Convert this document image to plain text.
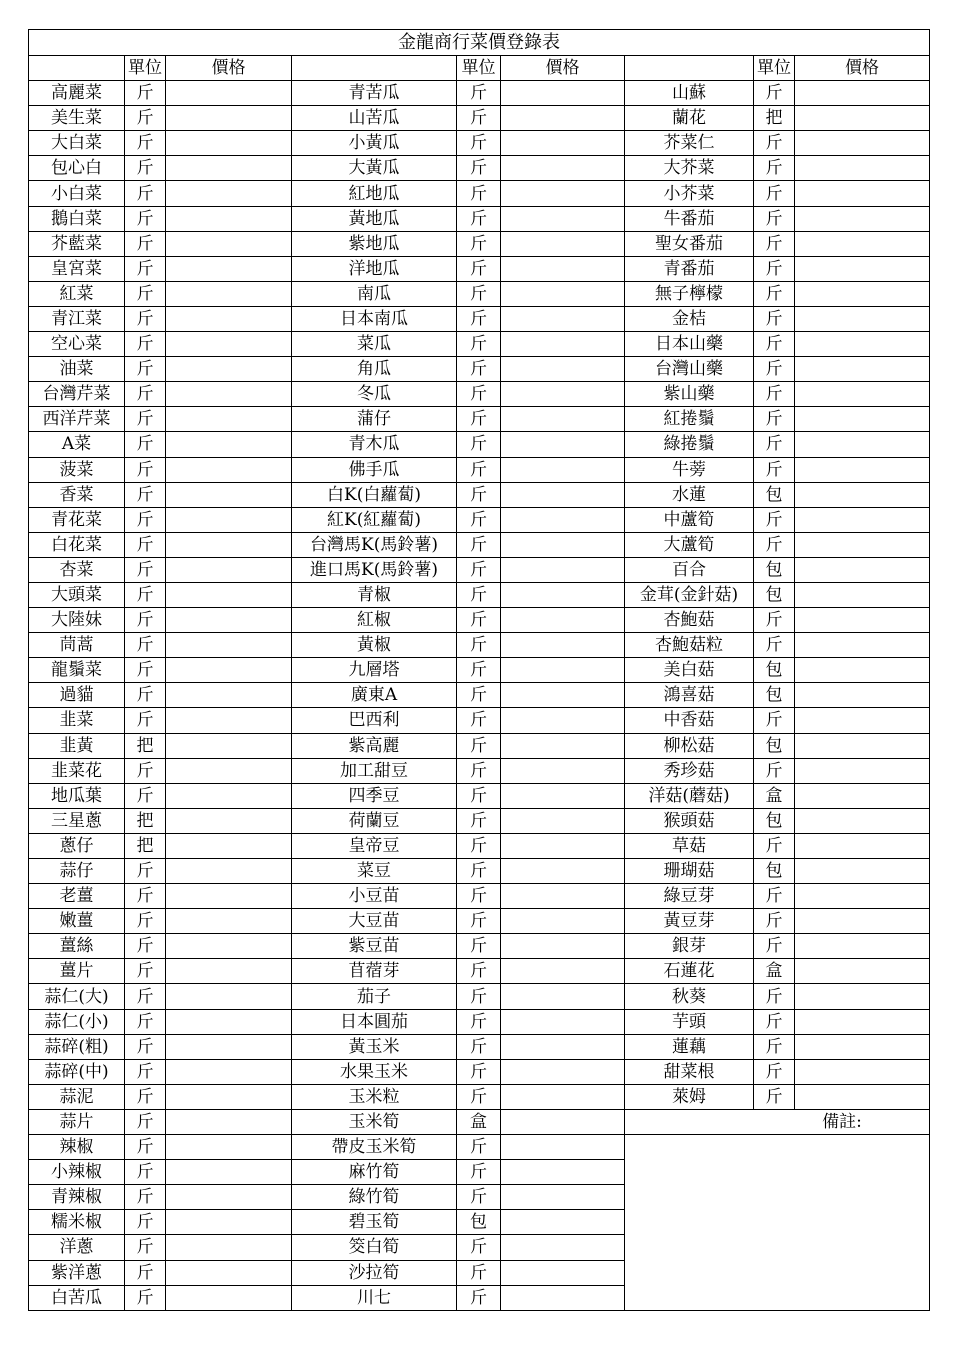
金龍商行菜價登錄表								
	單位	價格		單位	價格		單位	價格
高麗菜	斤		青苦瓜	斤		山蘇	斤	
美生菜	斤		山苦瓜	斤		蘭花	把	
大白菜	斤		小黃瓜	斤		芥菜仁	斤	
包心白	斤		大黃瓜	斤		大芥菜	斤	
小白菜	斤		紅地瓜	斤		小芥菜	斤	
鵝白菜	斤		黃地瓜	斤		牛番茄	斤	
芥藍菜	斤		紫地瓜	斤		聖女番茄	斤	
皇宮菜	斤		洋地瓜	斤		青番茄	斤	
紅菜	斤		南瓜	斤		無子檸檬	斤	
青江菜	斤		日本南瓜	斤		金桔	斤	
空心菜	斤		菜瓜	斤		日本山藥	斤	
油菜	斤		角瓜	斤		台灣山藥	斤	
台灣芹菜	斤		冬瓜	斤		紫山藥	斤	
西洋芹菜	斤		蒲仔	斤		紅捲鬚	斤	
A菜	斤		青木瓜	斤		綠捲鬚	斤	
菠菜	斤		佛手瓜	斤		牛蒡	斤	
香菜	斤		白K(白蘿蔔)	斤		水蓮	包	
青花菜	斤		紅K(紅蘿蔔)	斤		中蘆筍	斤	
白花菜	斤		台灣馬K(馬鈴薯)	斤		大蘆筍	斤	
杏菜	斤		進口馬K(馬鈴薯)	斤		百合	包	
大頭菜	斤		青椒	斤		金茸(金針菇)	包	
大陸妹	斤		紅椒	斤		杏鮑菇	斤	
茼蒿	斤		黃椒	斤		杏鮑菇粒	斤	
龍鬚菜	斤		九層塔	斤		美白菇	包	
過貓	斤		廣東A	斤		鴻喜菇	包	
韭菜	斤		巴西利	斤		中香菇	斤	
韭黃	把		紫高麗	斤		柳松菇	包	
韭菜花	斤		加工甜豆	斤		秀珍菇	斤	
地瓜葉	斤		四季豆	斤		洋菇(蘑菇)	盒	
三星蔥	把		荷蘭豆	斤		猴頭菇	包	
蔥仔	把		皇帝豆	斤		草菇	斤	
蒜仔	斤		菜豆	斤		珊瑚菇	包	
老薑	斤		小豆苗	斤		綠豆芽	斤	
嫩薑	斤		大豆苗	斤		黃豆芽	斤	
薑絲	斤		紫豆苗	斤		銀芽	斤	
薑片	斤		苜蓿芽	斤		石蓮花	盒	
蒜仁(大)	斤		茄子	斤		秋葵	斤	
蒜仁(小)	斤		日本圓茄	斤		芋頭	斤	
蒜碎(粗)	斤		黃玉米	斤		蓮藕	斤	
蒜碎(中)	斤		水果玉米	斤		甜菜根	斤	
蒜泥	斤		玉米粒	斤		萊姆	斤	
蒜片	斤		玉米筍	盒		備註:		
辣椒	斤		帶皮玉米筍	斤				
小辣椒	斤		麻竹筍	斤				
青辣椒	斤		綠竹筍	斤				
糯米椒	斤		碧玉筍	包				
洋蔥	斤		筊白筍	斤				
紫洋蔥	斤		沙拉筍	斤				
白苦瓜	斤		川七	斤				
